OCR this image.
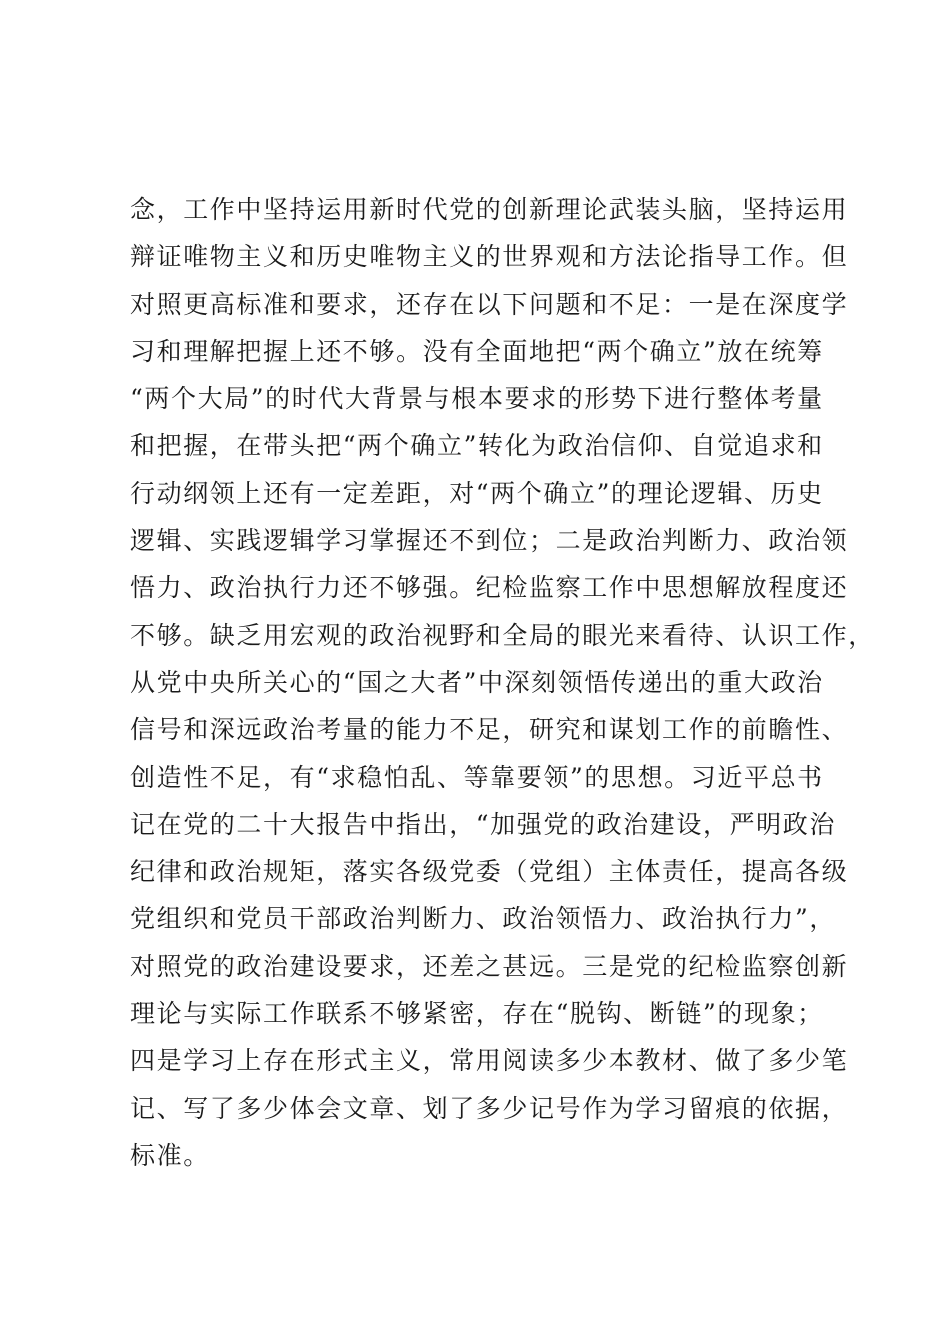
念，工作中坚持运用新时代党的创新理论武装头脑，坚持运用
辩证唯物主义和历史唯物主义的世界观和方法论指导工作。但
对照更高标准和要求，还存在以下问题和不足：一是在深度学
习和理解把握上还不够。没有全面地把“两个确立”放在统筹
“两个大局”的时代大背景与根本要求的形势下进行整体考量
和把握，在带头把“两个确立”转化为政治信仰、自觉追求和
行动纲领上还有一定差距，对“两个确立”的理论逻辑、历史
逻辑、实践逻辑学习掌握还不到位；二是政治判断力、政治领
悟力、政治执行力还不够强。纪检监察工作中思想解放程度还
不够。缺乏用宏观的政治视野和全局的眼光来看待、认识工作，
从党中央所关心的“国之大者”中深刻领悟传递出的重大政治
信号和深远政治考量的能力不足，研究和谋划工作的前瞻性、
创造性不足，有“求稳怕乱、等靠要领”的思想。习近平总书
记在党的二十大报告中指出，“加强党的政治建设，严明政治
纪律和政治规矩，落实各级党委（党组）主体责任，提高各级
党组织和党员干部政治判断力、政治领悟力、政治执行力”，
对照党的政治建设要求，还差之甚远。三是党的纪检监察创新
理论与实际工作联系不够紧密，存在“脱钩、断链”的现象；
四是学习上存在形式主义，常用阅读多少本教材、做了多少笔
记、写了多少体会文章、划了多少记号作为学习留痕的依据，
标准。
